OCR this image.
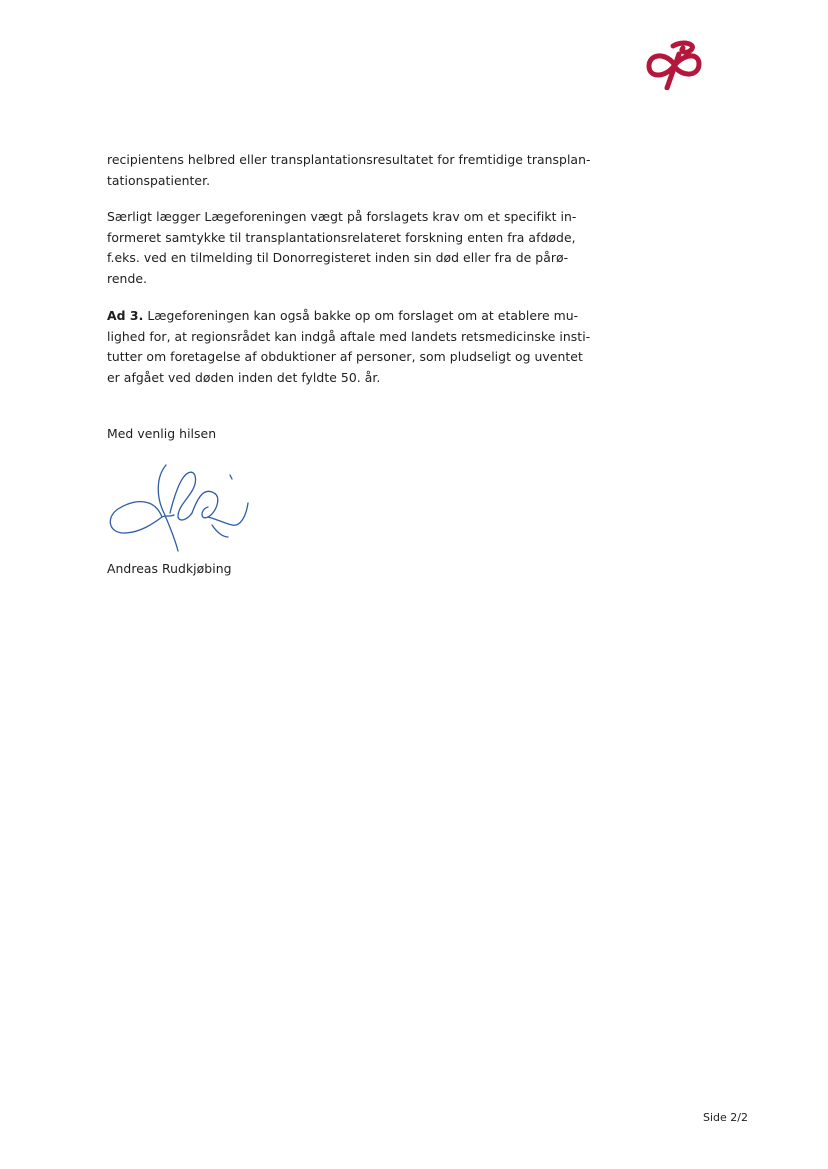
recipientens helbred eller transplantationsresultatet for fremtidige transplan-

tationspatienter.

Særligt lægger Lægeforeningen vægt på forslagets krav om et specifikt in-

formeret samtykke til transplantationsrelateret forskning enten fra afdøde,

f.eks. ved en tilmelding til Donorregisteret inden sin død eller fra de pårø-

rende.

Ad 3. Lægeforeningen kan også bakke op om forslaget om at etablere mu-

lighed for, at regionsrådet kan indgå aftale med landets retsmedicinske insti-

tutter om foretagelse af obduktioner af personer, som pludseligt og uventet

er afgået ved døden inden det fyldte 50. år.

Med venlig hilsen

Andreas Rudkjøbing

Side 2/2
